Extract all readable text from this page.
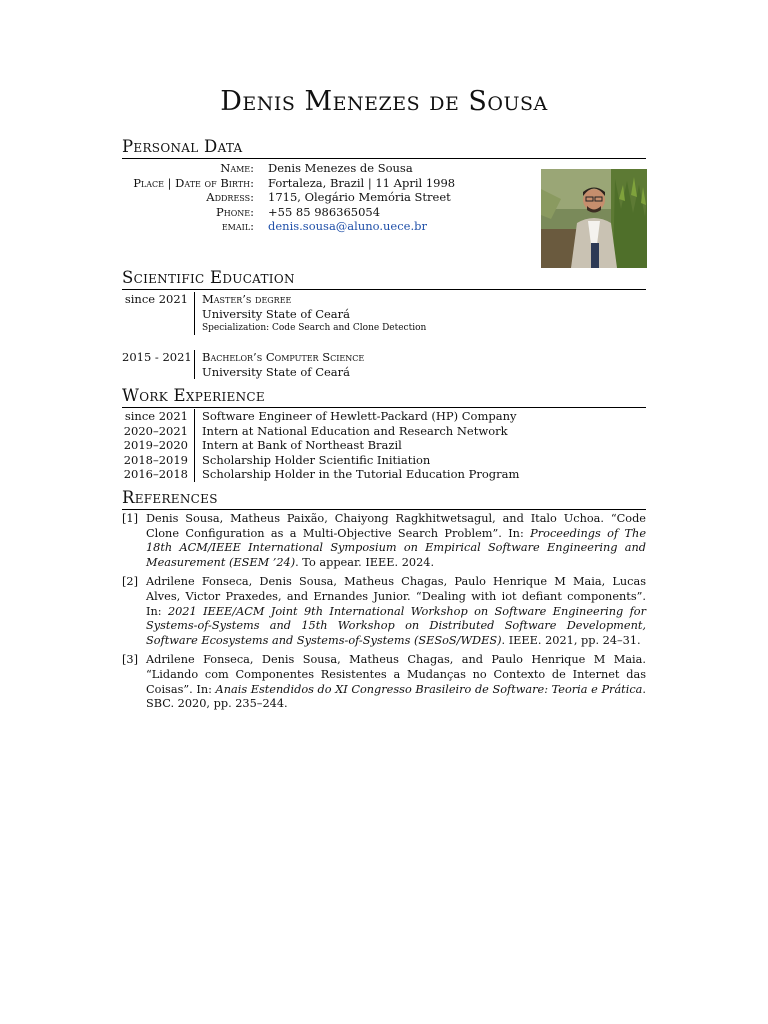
Denis Menezes de Sousa
Personal Data
Name:	Denis Menezes de Sousa
Place | Date of Birth:	Fortaleza, Brazil | 11 April 1998
Address:	1715, Olegário Memória Street
Phone:	+55 85 986365054
email:	denis.sousa@aluno.uece.br
Scientific Education
since 2021	Master’s degree
University State of Ceará
Specialization: Code Search and Clone Detection
2015 - 2021 Bachelor’s Computer Science
University State of Ceará
Work Experience
since 2021	Software Engineer of Hewlett-Packard (HP) Company
2020–2021	Intern at National Education and Research Network
2019–2020	Intern at Bank of Northeast Brazil
2018–2019	Scholarship Holder Scientific Initiation
2016–2018	Scholarship Holder in the Tutorial Education Program
References
[1] Denis Sousa, Matheus Paixão, Chaiyong Ragkhitwetsagul, and Italo Uchoa. “Code Clone Configuration as a Multi-Objective Search Problem”. In: Proceedings of The 18th ACM/IEEE International Symposium on Empirical Software Engineering and Measurement (ESEM ’24). To appear. IEEE. 2024.
[2] Adrilene Fonseca, Denis Sousa, Matheus Chagas, Paulo Henrique M Maia, Lucas Alves, Victor Praxedes, and Ernandes Junior. “Dealing with iot defiant components”. In: 2021 IEEE/ACM Joint 9th International Workshop on Software Engineering for Systems-of-Systems and 15th Workshop on Distributed Software Development, Software Ecosystems and Systems-of-Systems (SESoS/WDES). IEEE. 2021, pp. 24–31.
[3] Adrilene Fonseca, Denis Sousa, Matheus Chagas, and Paulo Henrique M Maia. “Lidando com Componentes Resistentes a Mudanças no Contexto de Internet das Coisas”. In: Anais Estendidos do XI Congresso Brasileiro de Software: Teoria e Prática. SBC. 2020, pp. 235–244.
